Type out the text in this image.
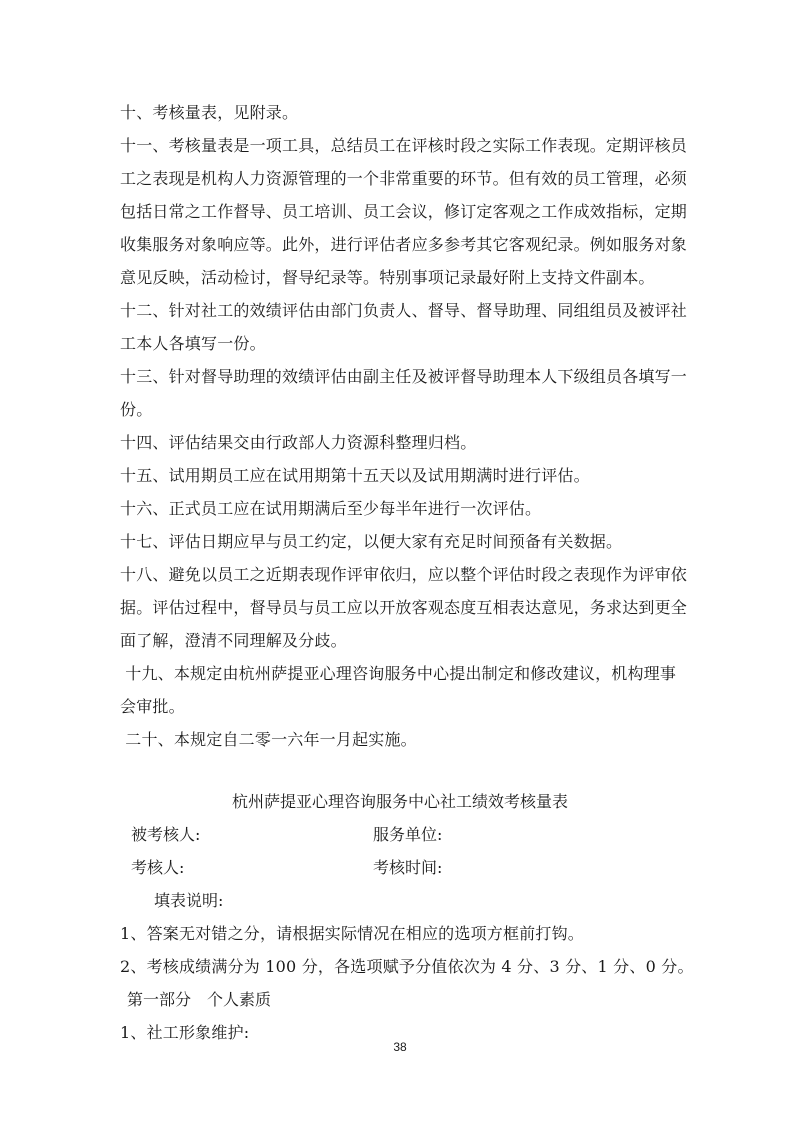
十、考核量表，见附录。
十一、考核量表是一项工具，总结员工在评核时段之实际工作表现。定期评核员
工之表现是机构人力资源管理的一个非常重要的环节。但有效的员工管理，必须
包括日常之工作督导、员工培训、员工会议，修订定客观之工作成效指标，定期
收集服务对象响应等。此外，进行评估者应多参考其它客观纪录。例如服务对象
意见反映，活动检讨，督导纪录等。特别事项记录最好附上支持文件副本。
十二、针对社工的效绩评估由部门负责人、督导、督导助理、同组组员及被评社
工本人各填写一份。
十三、针对督导助理的效绩评估由副主任及被评督导助理本人下级组员各填写一
份。
十四、评估结果交由行政部人力资源科整理归档。
十五、试用期员工应在试用期第十五天以及试用期满时进行评估。
十六、正式员工应在试用期满后至少每半年进行一次评估。
十七、评估日期应早与员工约定，以便大家有充足时间预备有关数据。
十八、避免以员工之近期表现作评审依归，应以整个评估时段之表现作为评审依
据。评估过程中，督导员与员工应以开放客观态度互相表达意见，务求达到更全
面了解，澄清不同理解及分歧。
十九、本规定由杭州萨提亚心理咨询服务中心提出制定和修改建议，机构理事
会审批。
二十、本规定自二零一六年一月起实施。
杭州萨提亚心理咨询服务中心社工绩效考核量表
被考核人:	服务单位:
考核人:	考核时间:
填表说明:
1、答案无对错之分，请根据实际情况在相应的选项方框前打钩。
2、考核成绩满分为 100 分，各选项赋予分值依次为 4 分、3 分、1 分、0 分。
第一部分　个人素质
1、社工形象维护:
38
